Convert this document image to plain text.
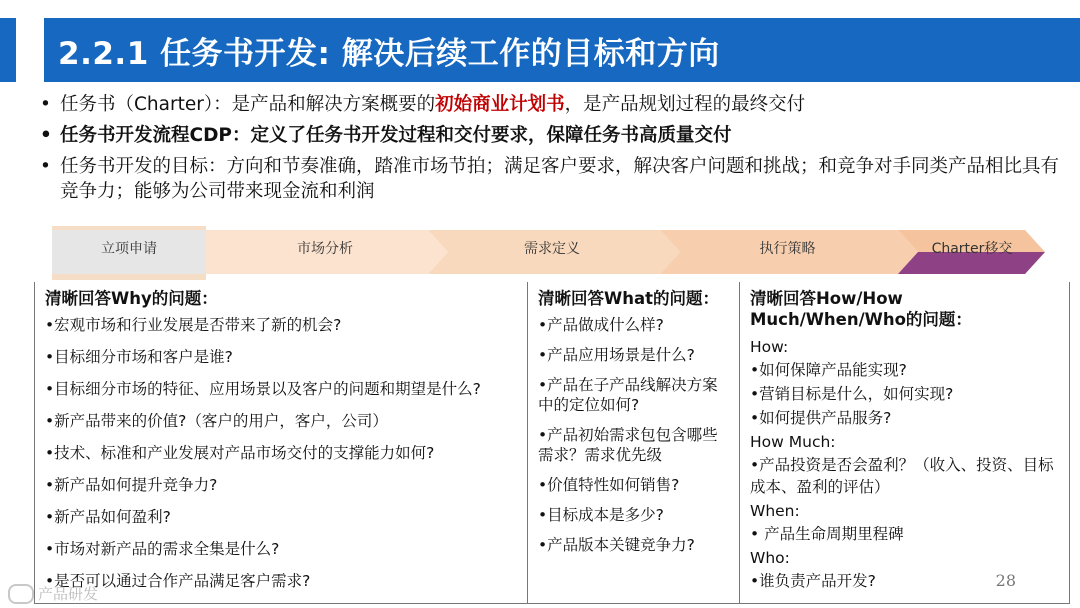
2.2.1 任务书开发: 解决后续工作的目标和方向
• 任务书（Charter）：是产品和解决方案概要的初始商业计划书，是产品规划过程的最终交付
• 任务书开发流程CDP：定义了任务书开发过程和交付要求，保障任务书高质量交付
• 任务书开发的目标：方向和节奏准确，踏准市场节拍；满足客户要求，解决客户问题和挑战；和竞争对手同类产品相比具有竞争力；能够为公司带来现金流和利润
立项申请	市场分析	需求定义	执行策略	Charter移交
清晰回答Why的问题：
•宏观市场和行业发展是否带来了新的机会?
•目标细分市场和客户是谁?
•目标细分市场的特征、应用场景以及客户的问题和期望是什么?
•新产品带来的价值?（客户的用户，客户，公司）
•技术、标准和产业发展对产品市场交付的支撑能力如何?
•新产品如何提升竞争力?
•新产品如何盈利?
•市场对新产品的需求全集是什么?
•是否可以通过合作产品满足客户需求?
清晰回答What的问题：
•产品做成什么样?
•产品应用场景是什么?
•产品在子产品线解决方案中的定位如何?
•产品初始需求包包含哪些需求？需求优先级
•价值特性如何销售?
•目标成本是多少?
•产品版本关键竞争力?
清晰回答How/How Much/When/Who的问题：
How:
•如何保障产品能实现?
•营销目标是什么，如何实现?
•如何提供产品服务?
How Much:
•产品投资是否会盈利？（收入、投资、目标成本、盈利的评估）
When:
• 产品生命周期里程碑
Who:
•谁负责产品开发?	28
产品研发
